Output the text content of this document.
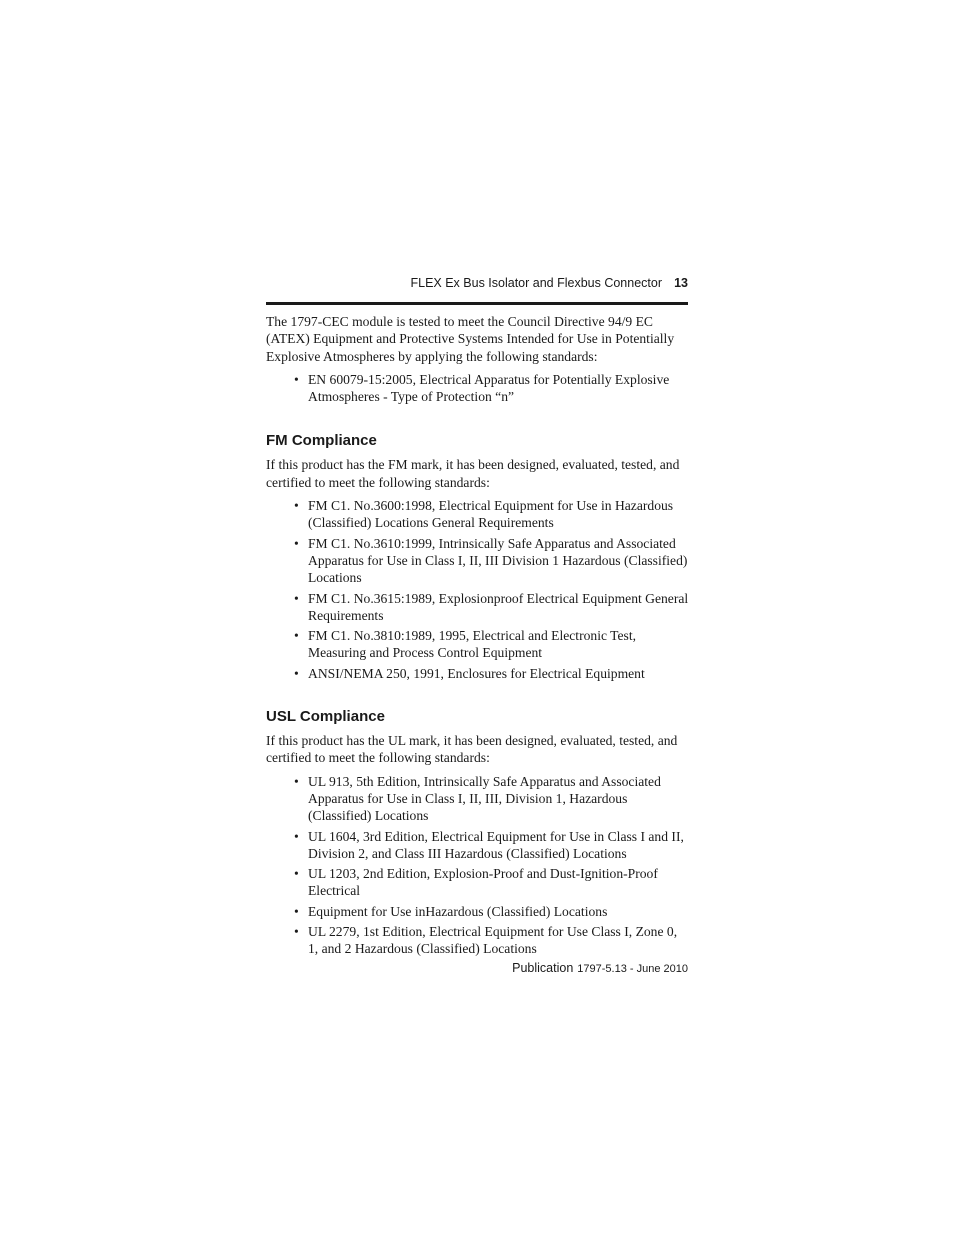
FLEX Ex Bus Isolator and Flexbus Connector 13

The 1797-CEC module is tested to meet the Council Directive 94/9 EC (ATEX) Equipment and Protective Systems Intended for Use in Potentially Explosive Atmospheres by applying the following standards:

• EN 60079-15:2005, Electrical Apparatus for Potentially Explosive Atmospheres - Type of Protection “n”
FM Compliance

If this product has the FM mark, it has been designed, evaluated, tested, and certified to meet the following standards:

• FM C1. No.3600:1998, Electrical Equipment for Use in Hazardous (Classified) Locations General Requirements
• FM C1. No.3610:1999, Intrinsically Safe Apparatus and Associated Apparatus for Use in Class I, II, III Division 1 Hazardous (Classified) Locations
• FM C1. No.3615:1989, Explosionproof Electrical Equipment General Requirements
• FM C1. No.3810:1989, 1995, Electrical and Electronic Test, Measuring and Process Control Equipment
• ANSI/NEMA 250, 1991, Enclosures for Electrical Equipment
USL Compliance

If this product has the UL mark, it has been designed, evaluated, tested, and certified to meet the following standards:

• UL 913, 5th Edition, Intrinsically Safe Apparatus and Associated Apparatus for Use in Class I, II, III, Division 1, Hazardous (Classified) Locations
• UL 1604, 3rd Edition, Electrical Equipment for Use in Class I and II, Division 2, and Class III Hazardous (Classified) Locations
• UL 1203, 2nd Edition, Explosion-Proof and Dust-Ignition-Proof Electrical
• Equipment for Use inHazardous (Classified) Locations
• UL 2279, 1st Edition, Electrical Equipment for Use Class I, Zone 0, 1, and 2 Hazardous (Classified) Locations
Publication 1797-5.13 - June 2010
